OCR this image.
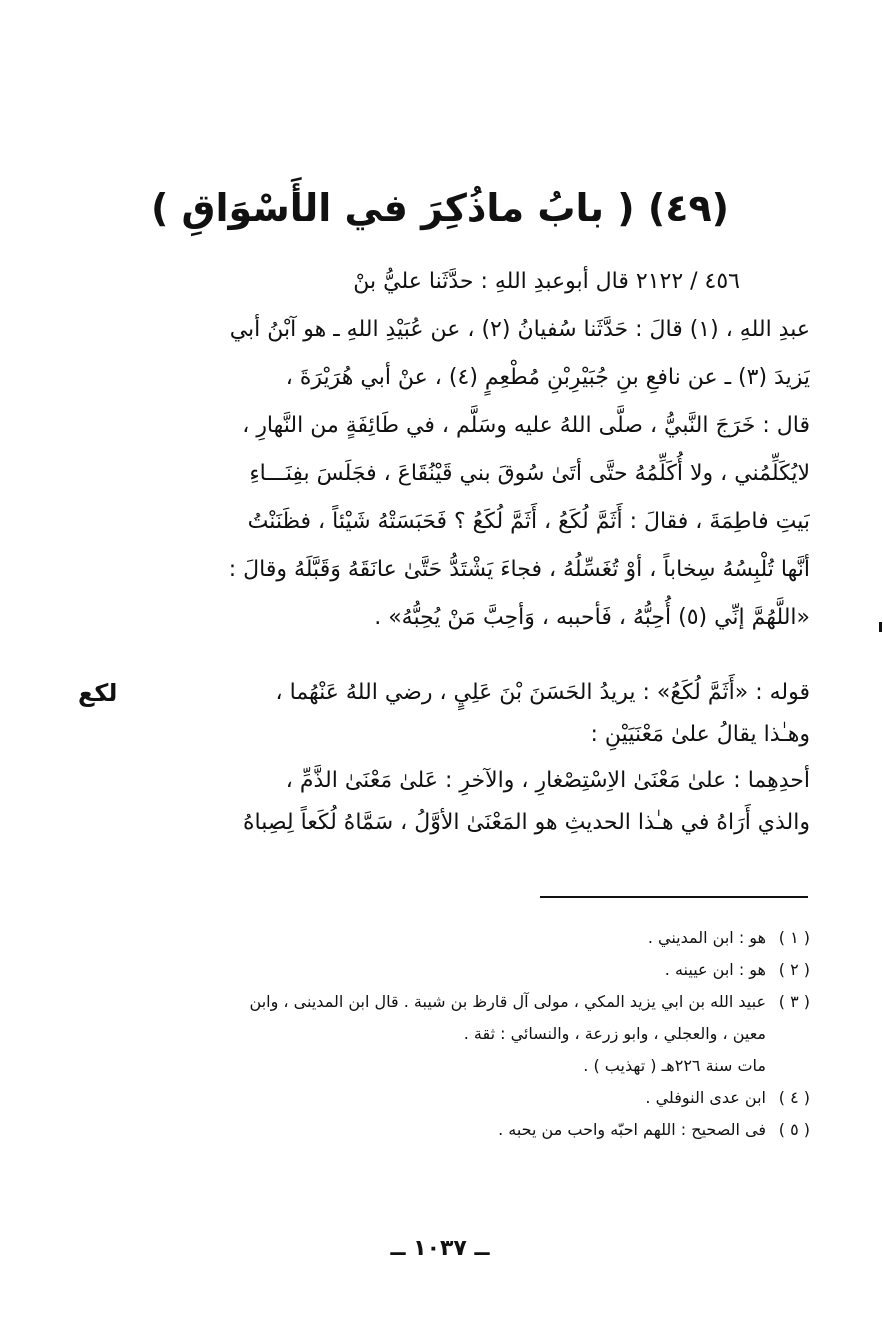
(٤٩) ( بابُ ماذُكِرَ في الأَسْوَاقِ )
٤٥٦ / ٢١٢٢ قال أبوعبدِ اللهِ : حدَّثَنا عليُّ بنْ
عبدِ اللهِ ، (١) قالَ : حَدَّثَنا سُفيانُ (٢) ، عن عُبَيْدِ اللهِ ـ هو آبْنُ أبي
يَزيدَ (٣) ـ عن نافعِ بنِ جُبَيْرِبْنِ مُطْعِمٍ (٤) ، عنْ أبي هُرَيْرَةَ ،
قال : خَرَجَ النَّبيُّ ، صلَّى اللهُ عليه وسَلَّم ، في طَائِفَةٍ من النَّهارِ ،
لايُكَلِّمُني ، ولا أُكَلِّمُهُ حتَّى أتَىٰ سُوقَ بني قَيْنُقَاعَ ، فجَلَسَ بفِنَـــاءِ
بَيتِ فاطِمَةَ ، فقالَ : أَثَمَّ لُكَعُ ، أَثَمَّ لُكَعُ ؟ فَحَبَسَتْهُ شَيْئاً ، فظَنَنْتُ
أنَّها تُلْبِسُهُ سِخاباً ، أوْ تُغَسِّلُهُ ، فجاءَ يَشْتَدُّ حَتَّىٰ عانَقَهُ وَقَبَّلَهُ وقالَ :
«اللَّهُمَّ إنِّي (٥) أُحِبُّهُ ، فَأحببه ، وَأحِبَّ مَنْ يُحِبُّهُ» .
لكع	قوله : «أَثَمَّ لُكَعُ» : يريدُ الحَسَنَ بْنَ عَلِيٍ ، رضي اللهُ عَنْهُما ،
وهـٰذا يقالُ علىٰ مَعْنَيَيْنِ :
أحدِهِما : علىٰ مَعْنَىٰ الاِسْتِصْغارِ ، والآخرِ : عَلىٰ مَعْنَىٰ الذَّمِّ ،
والذي أَرَاهُ في هـٰذا الحديثِ هو المَعْنَىٰ الأوَّلُ ، سَمَّاهُ لُكَعاً لِصِباهُ
( ١ )
هو : ابن المديني .
( ٢ )
هو : ابن عيينه .
( ٣ )
عبيد الله بن ابي يزيد المكي ، مولى آل قارظ بن شيبة . قال ابن المدينى ، وابن
معين ، والعجلي ، وابو زرعة ، والنسائي : ثقة .
مات سنة ٢٢٦هـ ( تهذيب ) .
( ٤ )
ابن عدى النوفلي .
( ٥ )
فى الصحيح : اللهم احبّه واحب من يحبه .
ــ ١٠٣٧ ــ
